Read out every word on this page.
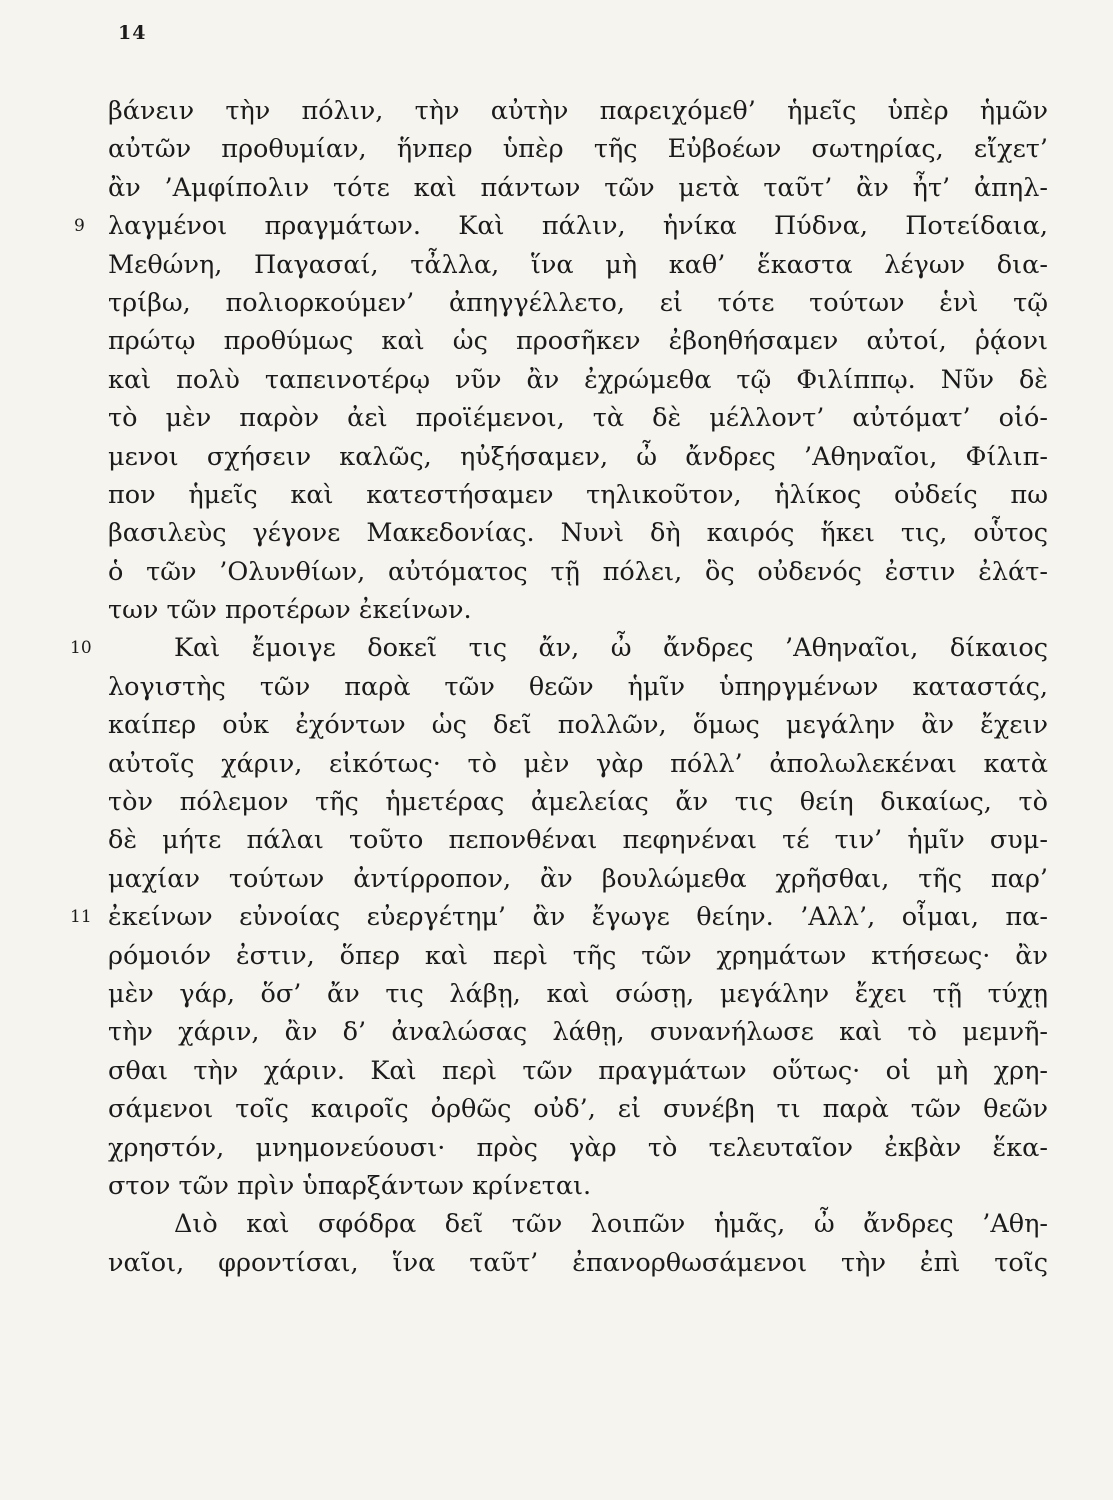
14
βάνειν τὴν πόλιν, τὴν αὐτὴν παρειχόμεθ’ ἡμεῖς ὑπὲρ ἡμῶν
αὐτῶν προθυμίαν, ἥνπερ ὑπὲρ τῆς Εὐβοέων σωτηρίας, εἴχετ’
ἂν ’Αμφίπολιν τότε καὶ πάντων τῶν μετὰ ταῦτ’ ἂν ἦτ’ ἀπηλ-
9 λαγμένοι πραγμάτων. Καὶ πάλιν, ἡνίκα Πύδνα, Ποτείδαια,
Μεθώνη, Παγασαί, τἆλλα, ἵνα μὴ καθ’ ἕκαστα λέγων δια-
τρίβω, πολιορκούμεν’ ἀπηγγέλλετο, εἰ τότε τούτων ἑνὶ τῷ
πρώτῳ προθύμως καὶ ὡς προσῆκεν ἐβοηθήσαμεν αὐτοί, ῥᾴονι
καὶ πολὺ ταπεινοτέρῳ νῦν ἂν ἐχρώμεθα τῷ Φιλίππῳ. Νῦν δὲ
τὸ μὲν παρὸν ἀεὶ προϊέμενοι, τὰ δὲ μέλλοντ’ αὐτόματ’ οἰό-
μενοι σχήσειν καλῶς, ηὐξήσαμεν, ὦ ἄνδρες ’Αθηναῖοι, Φίλιπ-
πον ἡμεῖς καὶ κατεστήσαμεν τηλικοῦτον, ἡλίκος οὐδείς πω
βασιλεὺς γέγονε Μακεδονίας. Νυνὶ δὴ καιρός ἥκει τις, οὗτος
ὁ τῶν ’Ολυνθίων, αὐτόματος τῇ πόλει, ὃς οὐδενός ἐστιν ἐλάτ-
των τῶν προτέρων ἐκείνων.
10	Καὶ ἔμοιγε δοκεῖ τις ἄν, ὦ ἄνδρες ’Αθηναῖοι, δίκαιος
λογιστὴς τῶν παρὰ τῶν θεῶν ἡμῖν ὑπηργμένων καταστάς,
καίπερ οὐκ ἐχόντων ὡς δεῖ πολλῶν, ὅμως μεγάλην ἂν ἔχειν
αὐτοῖς χάριν, εἰκότως· τὸ μὲν γὰρ πόλλ’ ἀπολωλεκέναι κατὰ
τὸν πόλεμον τῆς ἡμετέρας ἀμελείας ἄν τις θείη δικαίως, τὸ
δὲ μήτε πάλαι τοῦτο πεπονθέναι πεφηνέναι τέ τιν’ ἡμῖν συμ-
μαχίαν τούτων ἀντίρροπον, ἂν βουλώμεθα χρῆσθαι, τῆς παρ’
11 ἐκείνων εὐνοίας εὐεργέτημ’ ἂν ἔγωγε θείην. ’Αλλ’, οἶμαι, πα-
ρόμοιόν ἐστιν, ὅπερ καὶ περὶ τῆς τῶν χρημάτων κτήσεως· ἂν
μὲν γάρ, ὅσ’ ἄν τις λάβῃ, καὶ σώσῃ, μεγάλην ἔχει τῇ τύχῃ
τὴν χάριν, ἂν δ’ ἀναλώσας λάθῃ, συνανήλωσε καὶ τὸ μεμνῆ-
σθαι τὴν χάριν. Καὶ περὶ τῶν πραγμάτων οὕτως· οἱ μὴ χρη-
σάμενοι τοῖς καιροῖς ὀρθῶς οὐδ’, εἰ συνέβη τι παρὰ τῶν θεῶν
χρηστόν, μνημονεύουσι· πρὸς γὰρ τὸ τελευταῖον ἐκβὰν ἕκα-
στον τῶν πρὶν ὑπαρξάντων κρίνεται.
Διὸ καὶ σφόδρα δεῖ τῶν λοιπῶν ἡμᾶς, ὦ ἄνδρες ’Αθη-
ναῖοι, φροντίσαι, ἵνα ταῦτ’ ἐπανορθωσάμενοι τὴν ἐπὶ τοῖς
